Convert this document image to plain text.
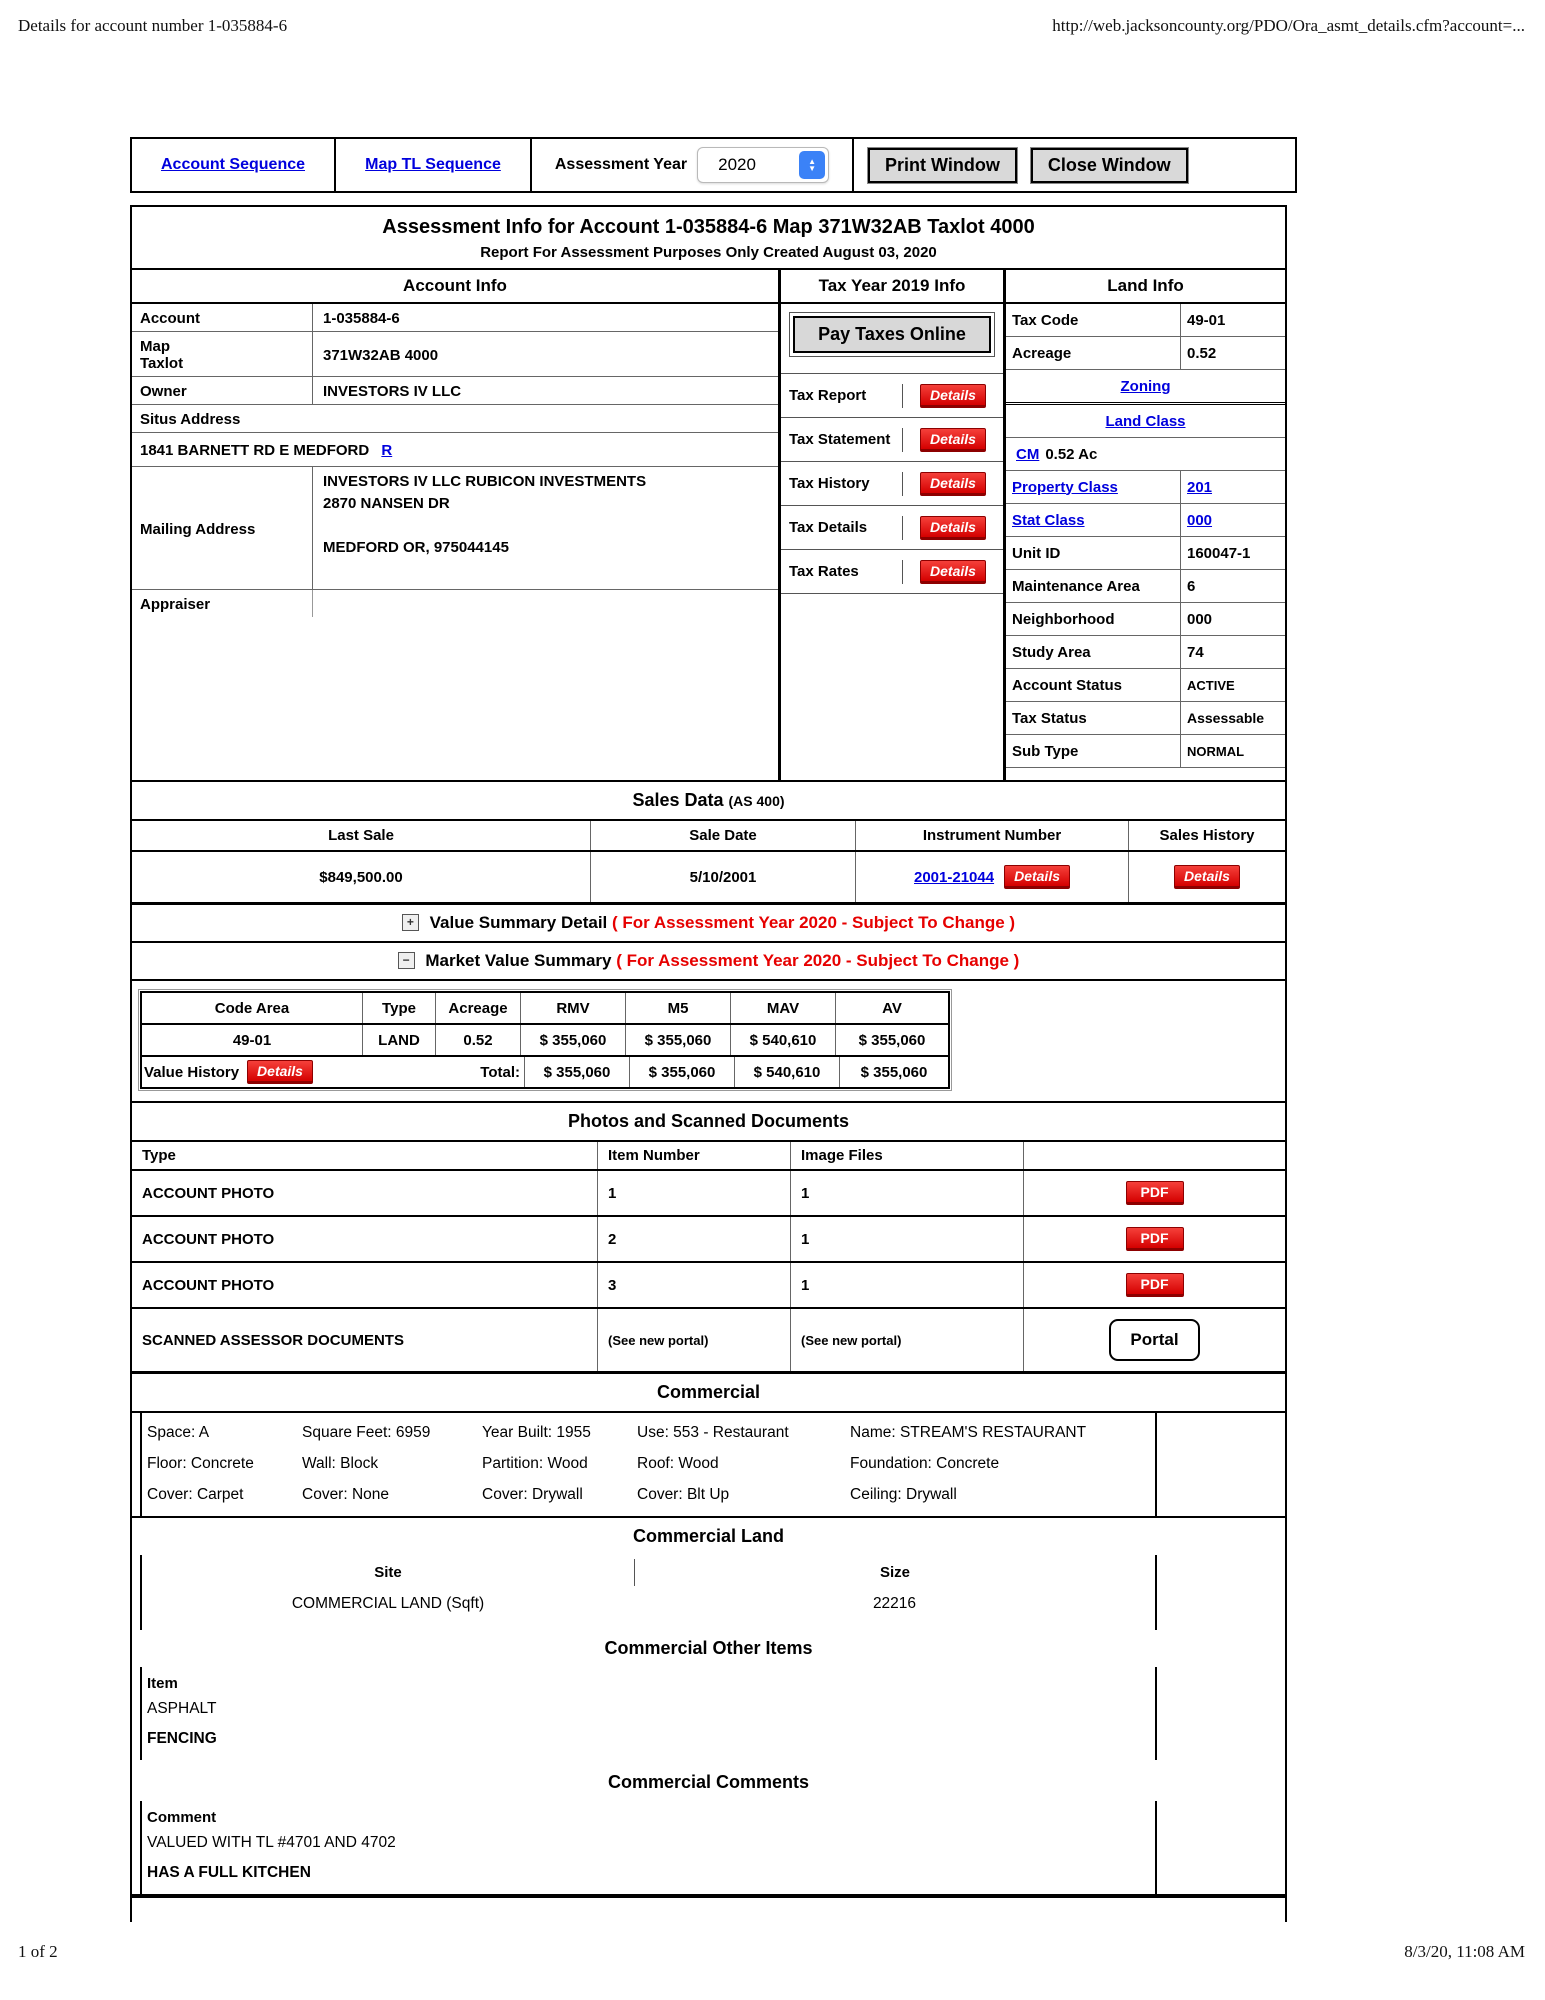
Details for account number 1-035884-6	http://web.jacksoncounty.org/PDO/Ora_asmt_details.cfm?account=...
Account Sequence	Map TL Sequence	Assessment Year 2020	▲
▼	Print Window	Close Window
Assessment Info for Account 1-035884-6 Map 371W32AB Taxlot 4000
Report For Assessment Purposes Only Created August 03, 2020
Account Info
Account	1-035884-6
Map
Taxlot	371W32AB 4000
Owner	INVESTORS IV LLC
Situs Address
1841 BARNETT RD E MEDFORD R
Mailing Address
INVESTORS IV LLC RUBICON INVESTMENTS
2870 NANSEN DR
MEDFORD OR, 975044145
Appraiser
Tax Year 2019 Info
Pay Taxes Online
Tax Report	Details
Tax Statement	Details
Tax History	Details
Tax Details	Details
Tax Rates	Details
Land Info
Tax Code	49-01
Acreage	0.52
Zoning
Land Class
CM 0.52 Ac
Property Class	201
Stat Class	000
Unit ID	160047-1
Maintenance Area	6
Neighborhood	000
Study Area	74
Account Status	ACTIVE
Tax Status	Assessable
Sub Type	NORMAL
Sales Data (AS 400)
Last Sale	Sale Date	Instrument Number	Sales History
$849,500.00	5/10/2001	2001-21044	Details	Details
+ Value Summary Detail ( For Assessment Year 2020 - Subject To Change )
− Market Value Summary ( For Assessment Year 2020 - Subject To Change )
Code Area	Type	Acreage	RMV	M5	MAV	AV
49-01	LAND	0.52	$ 355,060	$ 355,060	$ 540,610	$ 355,060
Value History	Details	Total:	$ 355,060	$ 355,060	$ 540,610	$ 355,060
Photos and Scanned Documents
Type	Item Number	Image Files
ACCOUNT PHOTO	1	1	PDF
ACCOUNT PHOTO	2	1	PDF
ACCOUNT PHOTO	3	1	PDF
SCANNED ASSESSOR DOCUMENTS	(See new portal)	(See new portal)	Portal
Commercial
Space: A	Square Feet: 6959	Year Built: 1955	Use: 553 - Restaurant	Name: STREAM'S RESTAURANT
Floor: Concrete	Wall: Block	Partition: Wood	Roof: Wood	Foundation: Concrete
Cover: Carpet	Cover: None	Cover: Drywall	Cover: Blt Up	Ceiling: Drywall
Commercial Land
Site	Size
COMMERCIAL LAND (Sqft)	22216
Commercial Other Items
Item
ASPHALT
FENCING
Commercial Comments
Comment
VALUED WITH TL #4701 AND 4702
HAS A FULL KITCHEN
1 of 2	8/3/20, 11:08 AM
